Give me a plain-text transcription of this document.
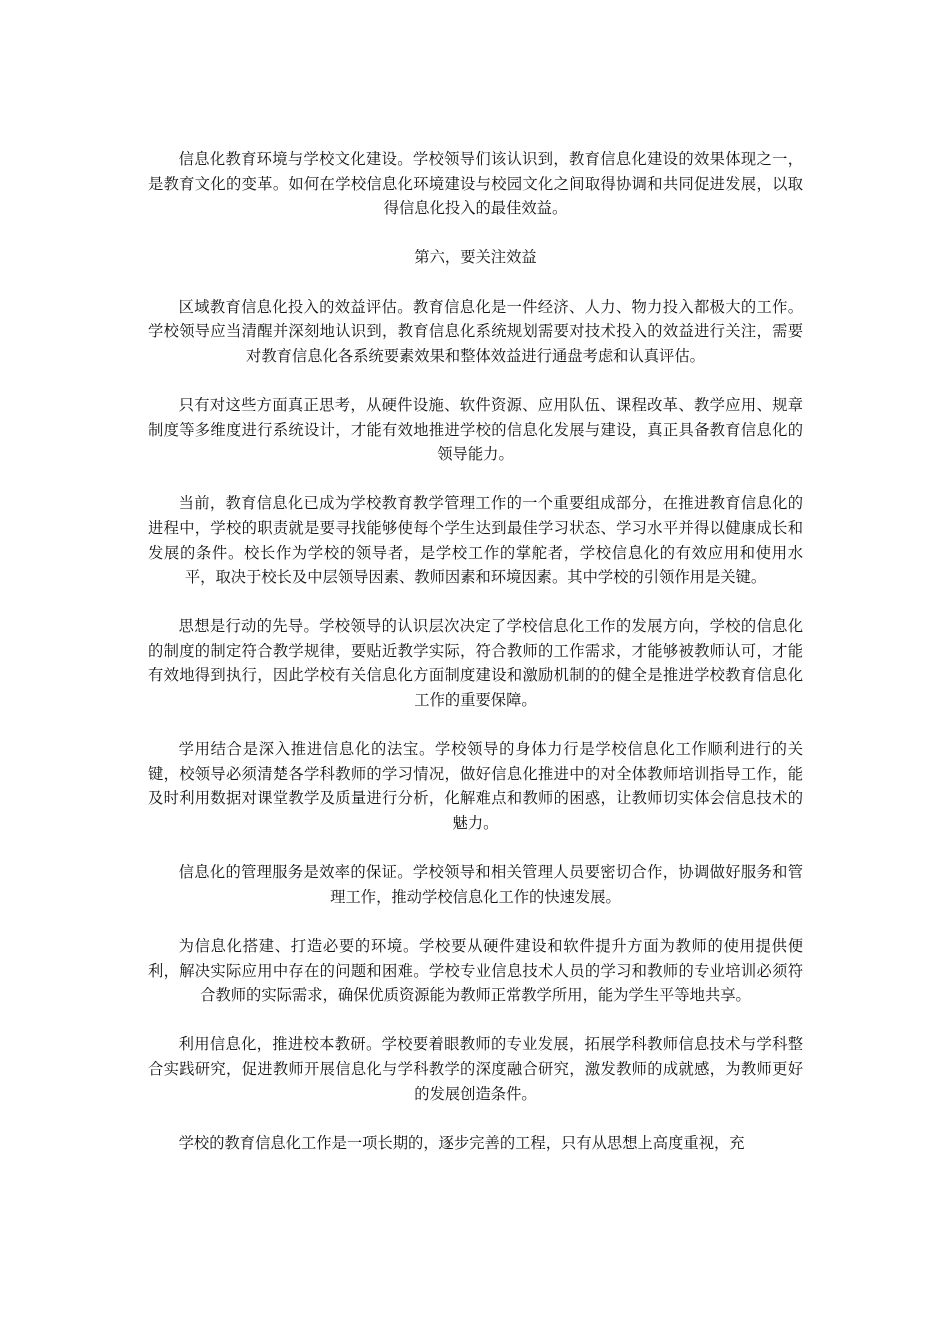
信息化教育环境与学校文化建设。学校领导们该认识到，教育信息化建设的效果体现之一，是教育文化的变革。如何在学校信息化环境建设与校园文化之间取得协调和共同促进发展，以取得信息化投入的最佳效益。

第六，要关注效益

区域教育信息化投入的效益评估。教育信息化是一件经济、人力、物力投入都极大的工作。学校领导应当清醒并深刻地认识到，教育信息化系统规划需要对技术投入的效益进行关注，需要对教育信息化各系统要素效果和整体效益进行通盘考虑和认真评估。

只有对这些方面真正思考，从硬件设施、软件资源、应用队伍、课程改革、教学应用、规章制度等多维度进行系统设计，才能有效地推进学校的信息化发展与建设，真正具备教育信息化的领导能力。

当前，教育信息化已成为学校教育教学管理工作的一个重要组成部分，在推进教育信息化的进程中，学校的职责就是要寻找能够使每个学生达到最佳学习状态、学习水平并得以健康成长和发展的条件。校长作为学校的领导者，是学校工作的掌舵者，学校信息化的有效应用和使用水平，取决于校长及中层领导因素、教师因素和环境因素。其中学校的引领作用是关键。

思想是行动的先导。学校领导的认识层次决定了学校信息化工作的发展方向，学校的信息化的制度的制定符合教学规律，要贴近教学实际，符合教师的工作需求，才能够被教师认可，才能有效地得到执行，因此学校有关信息化方面制度建设和激励机制的的健全是推进学校教育信息化工作的重要保障。

学用结合是深入推进信息化的法宝。学校领导的身体力行是学校信息化工作顺利进行的关键，校领导必须清楚各学科教师的学习情况，做好信息化推进中的对全体教师培训指导工作，能及时利用数据对课堂教学及质量进行分析，化解难点和教师的困惑，让教师切实体会信息技术的魅力。

信息化的管理服务是效率的保证。学校领导和相关管理人员要密切合作，协调做好服务和管理工作，推动学校信息化工作的快速发展。

为信息化搭建、打造必要的环境。学校要从硬件建设和软件提升方面为教师的使用提供便利，解决实际应用中存在的问题和困难。学校专业信息技术人员的学习和教师的专业培训必须符合教师的实际需求，确保优质资源能为教师正常教学所用，能为学生平等地共享。

利用信息化，推进校本教研。学校要着眼教师的专业发展，拓展学科教师信息技术与学科整合实践研究，促进教师开展信息化与学科教学的深度融合研究，激发教师的成就感，为教师更好的发展创造条件。

学校的教育信息化工作是一项长期的，逐步完善的工程，只有从思想上高度重视，充
